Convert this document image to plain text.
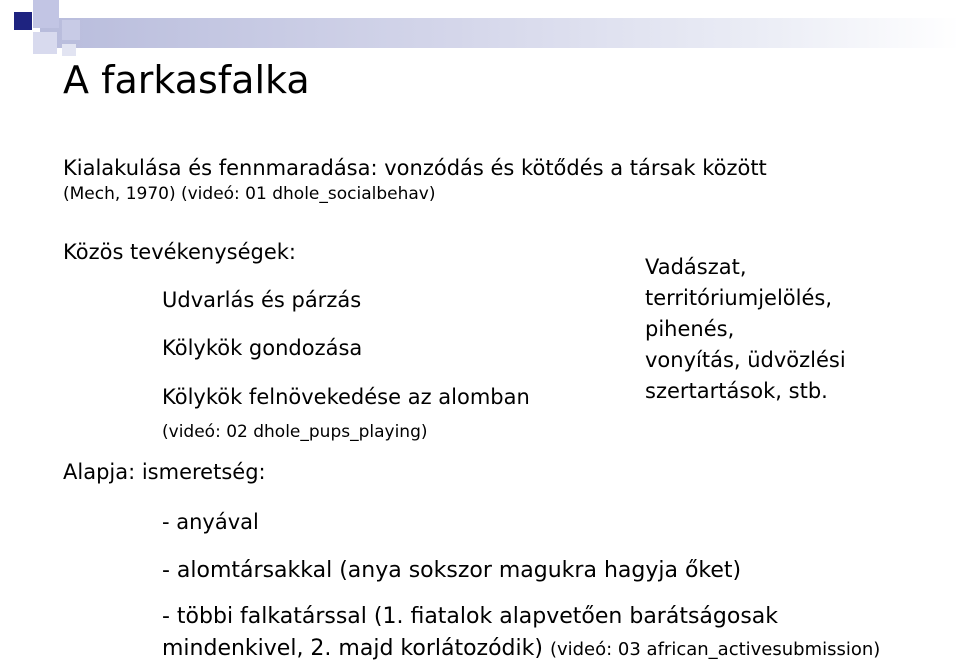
A farkasfalka
Kialakulása és fennmaradása: vonzódás és kötődés a társak között
(Mech, 1970) (videó: 01 dhole_socialbehav)
Közös tevékenységek:
Udvarlás és párzás
Kölykök gondozása
Kölykök felnövekedése az alomban
(videó: 02 dhole_pups_playing)
Vadászat,
territóriumjelölés,
pihenés,
vonyítás, üdvözlési
szertartások, stb.
Alapja: ismeretség:
- anyával
- alomtársakkal (anya sokszor magukra hagyja őket)
- többi falkatárssal (1. fiatalok alapvetően barátságosak
mindenkivel, 2. majd korlátozódik) (videó: 03 african_activesubmission)
